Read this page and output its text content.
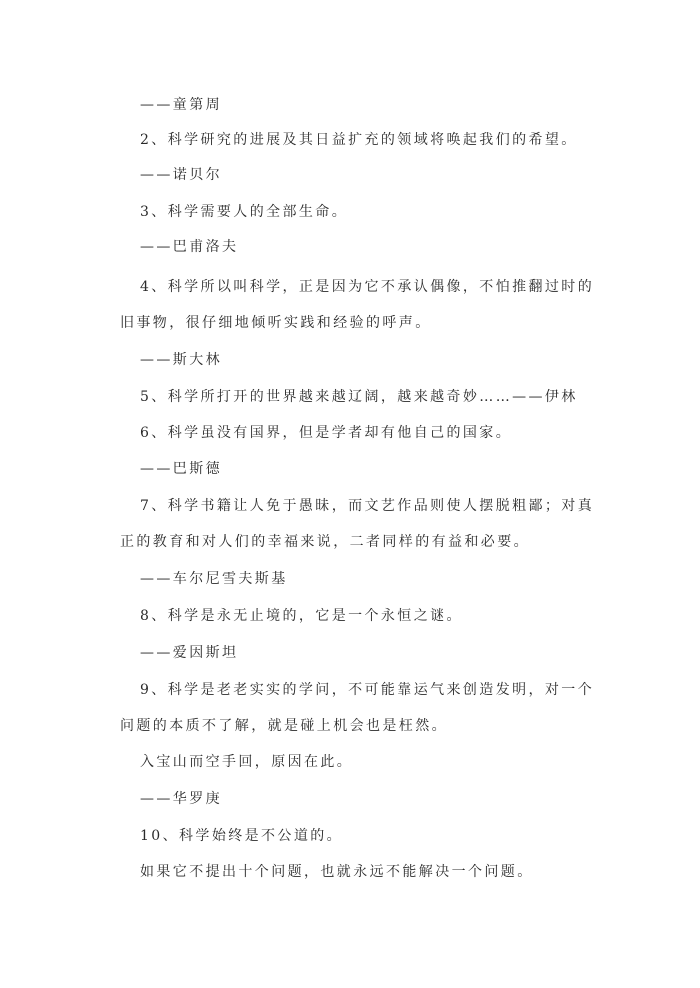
——童第周
2、科学研究的进展及其日益扩充的领域将唤起我们的希望。
——诺贝尔
3、科学需要人的全部生命。
——巴甫洛夫
4、科学所以叫科学，正是因为它不承认偶像，不怕推翻过时的
旧事物，很仔细地倾听实践和经验的呼声。
——斯大林
5、科学所打开的世界越来越辽阔，越来越奇妙……——伊林
6、科学虽没有国界，但是学者却有他自己的国家。
——巴斯德
7、科学书籍让人免于愚昧，而文艺作品则使人摆脱粗鄙；对真
正的教育和对人们的幸福来说，二者同样的有益和必要。
——车尔尼雪夫斯基
8、科学是永无止境的，它是一个永恒之谜。
——爱因斯坦
9、科学是老老实实的学问，不可能靠运气来创造发明，对一个
问题的本质不了解，就是碰上机会也是枉然。
入宝山而空手回，原因在此。
——华罗庚
10、科学始终是不公道的。
如果它不提出十个问题，也就永远不能解决一个问题。
